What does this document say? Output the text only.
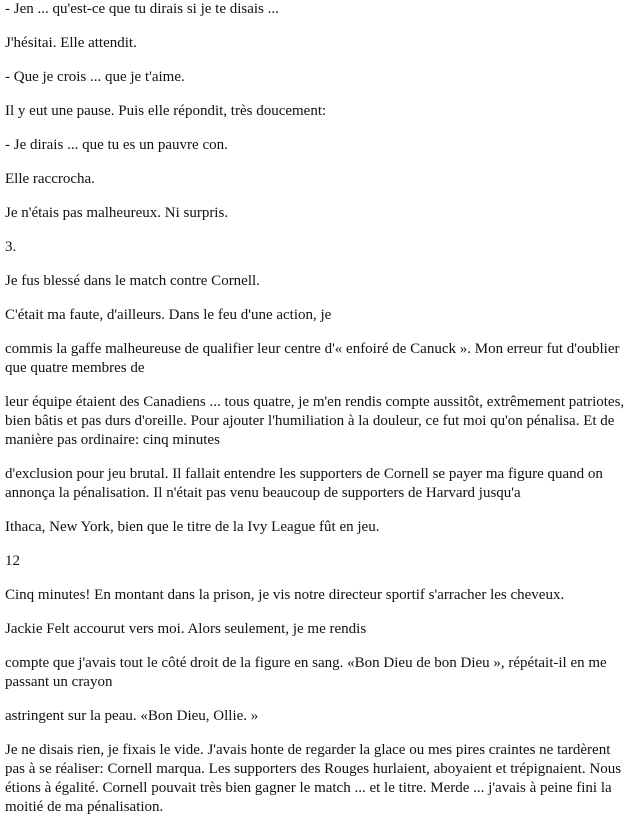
- Jen ... qu'est-ce que tu dirais si je te disais ...

J'hésitai. Elle attendit.

- Que je crois ... que je t'aime.

Il y eut une pause. Puis elle répondit, très doucement:

- Je dirais ... que tu es un pauvre con.

Elle raccrocha.

Je n'étais pas malheureux. Ni surpris.

3.

Je fus blessé dans le match contre Cornell.

C'était ma faute, d'ailleurs. Dans le feu d'une action, je

commis la gaffe malheureuse de qualifier leur centre d'« enfoiré de Canuck ». Mon erreur fut d'oublier que quatre membres de

leur équipe étaient des Canadiens ... tous quatre, je m'en rendis compte aussitôt, extrêmement patriotes, bien bâtis et pas durs d'oreille. Pour ajouter l'humiliation à la douleur, ce fut moi qu'on pénalisa. Et de manière pas ordinaire: cinq minutes

d'exclusion pour jeu brutal. Il fallait entendre les supporters de Cornell se payer ma figure quand on annonça la pénalisation. Il n'était pas venu beaucoup de supporters de Harvard jusqu'a

Ithaca, New York, bien que le titre de la Ivy League fût en jeu.

12

Cinq minutes! En montant dans la prison, je vis notre directeur sportif s'arracher les cheveux.

Jackie Felt accourut vers moi. Alors seulement, je me rendis

compte que j'avais tout le côté droit de la figure en sang. «Bon Dieu de bon Dieu », répétait-il en me passant un crayon

astringent sur la peau. «Bon Dieu, Ollie. »

Je ne disais rien, je fixais le vide. J'avais honte de regarder la glace ou mes pires craintes ne tardèrent pas à se réaliser: Cornell marqua. Les supporters des Rouges hurlaient, aboyaient et trépignaient. Nous étions à égalité. Cornell pouvait très bien gagner le match ... et le titre. Merde ... j'avais à peine fini la moitié de ma pénalisation.
